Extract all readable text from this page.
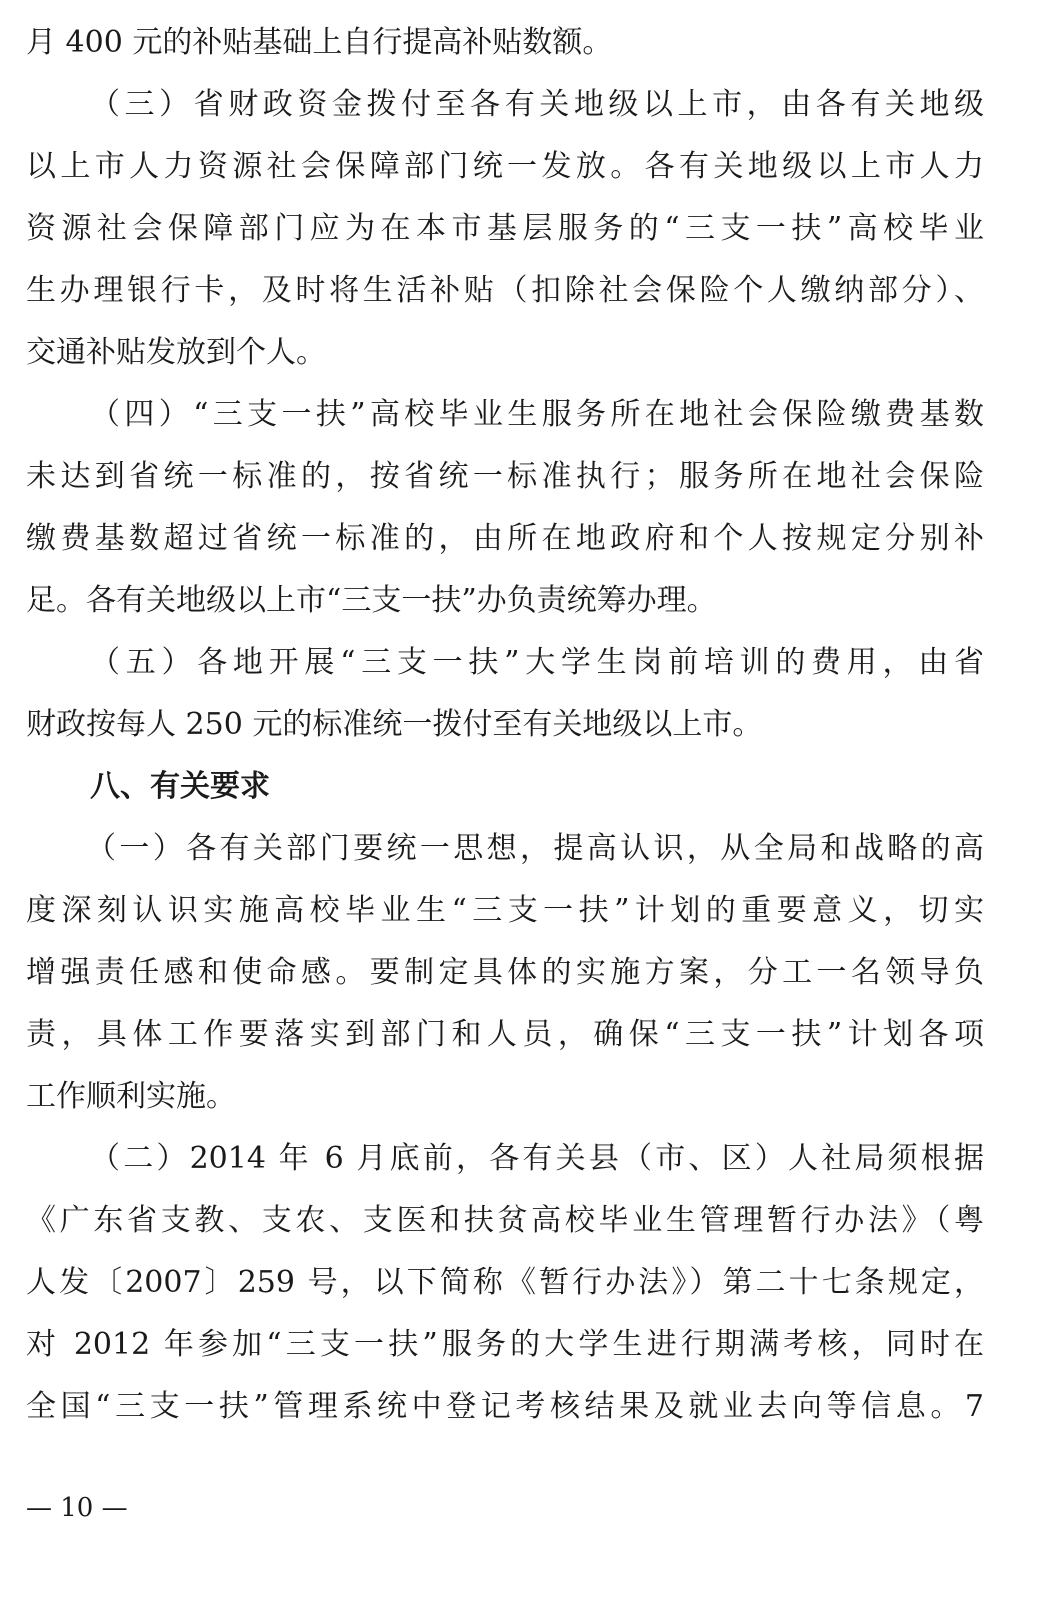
月 400 元的补贴基础上自行提高补贴数额。
（三）省财政资金拨付至各有关地级以上市，由各有关地级
以上市人力资源社会保障部门统一发放。各有关地级以上市人力
资源社会保障部门应为在本市基层服务的“三支一扶”高校毕业
生办理银行卡，及时将生活补贴（扣除社会保险个人缴纳部分）、
交通补贴发放到个人。
（四）“三支一扶”高校毕业生服务所在地社会保险缴费基数
未达到省统一标准的，按省统一标准执行；服务所在地社会保险
缴费基数超过省统一标准的，由所在地政府和个人按规定分别补
足。各有关地级以上市“三支一扶”办负责统筹办理。
（五）各地开展“三支一扶”大学生岗前培训的费用，由省
财政按每人 250 元的标准统一拨付至有关地级以上市。
八、有关要求
（一）各有关部门要统一思想，提高认识，从全局和战略的高
度深刻认识实施高校毕业生“三支一扶”计划的重要意义，切实
增强责任感和使命感。要制定具体的实施方案，分工一名领导负
责，具体工作要落实到部门和人员，确保“三支一扶”计划各项
工作顺利实施。
（二）2014 年 6 月底前，各有关县（市、区）人社局须根据
《广东省支教、支农、支医和扶贫高校毕业生管理暂行办法》（粤
人发〔2007〕259 号，以下简称《暂行办法》）第二十七条规定，
对 2012 年参加“三支一扶”服务的大学生进行期满考核，同时在
全国“三支一扶”管理系统中登记考核结果及就业去向等信息。7
— 10 —
